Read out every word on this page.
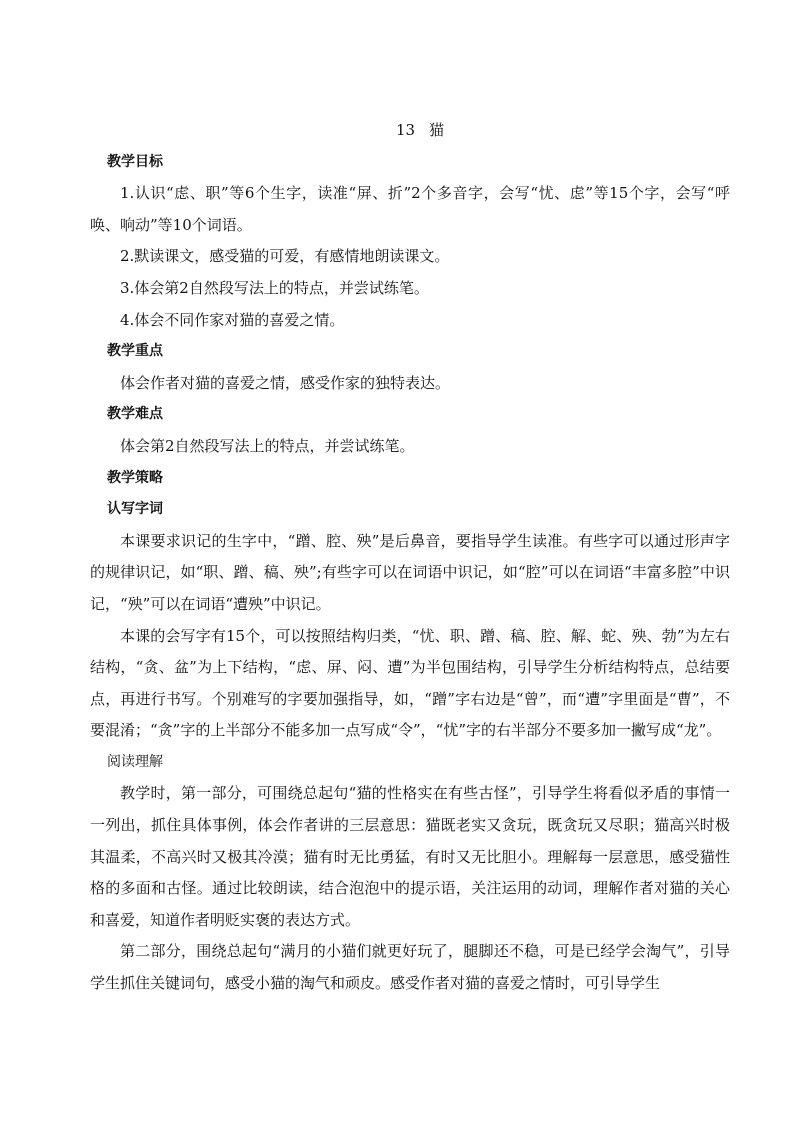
13 猫

教学目标

1.认识“虑、职”等6个生字，读准“屏、折”2个多音字，会写“忧、虑”等15个字，会写“呼唤、响动”等10个词语。

2.默读课文，感受猫的可爱，有感情地朗读课文。

3.体会第2自然段写法上的特点，并尝试练笔。

4.体会不同作家对猫的喜爱之情。

教学重点

体会作者对猫的喜爱之情，感受作家的独特表达。

教学难点

体会第2自然段写法上的特点，并尝试练笔。

教学策略

认写字词

本课要求识记的生字中，“蹭、腔、殃”是后鼻音，要指导学生读准。有些字可以通过形声字的规律识记，如“职、蹭、稿、殃”;有些字可以在词语中识记，如“腔”可以在词语“丰富多腔”中识记，“殃”可以在词语“遭殃”中识记。

本课的会写字有15个，可以按照结构归类，“忧、职、蹭、稿、腔、解、蛇、殃、勃”为左右结构，“贪、盆”为上下结构，“虑、屏、闷、遭”为半包围结构，引导学生分析结构特点，总结要点，再进行书写。个别难写的字要加强指导，如，“蹭”字右边是“曾”，而“遭”字里面是“曹”，不要混淆；“贪”字的上半部分不能多加一点写成“令”，“忧”字的右半部分不要多加一撇写成“龙”。

阅读理解

教学时，第一部分，可围绕总起句“猫的性格实在有些古怪”，引导学生将看似矛盾的事情一一列出，抓住具体事例，体会作者讲的三层意思：猫既老实又贪玩，既贪玩又尽职；猫高兴时极其温柔，不高兴时又极其冷漠；猫有时无比勇猛，有时又无比胆小。理解每一层意思，感受猫性格的多面和古怪。通过比较朗读，结合泡泡中的提示语，关注运用的动词，理解作者对猫的关心和喜爱，知道作者明贬实褒的表达方式。

第二部分，围绕总起句“满月的小猫们就更好玩了，腿脚还不稳，可是已经学会淘气”，引导学生抓住关键词句，感受小猫的淘气和顽皮。感受作者对猫的喜爱之情时，可引导学生
